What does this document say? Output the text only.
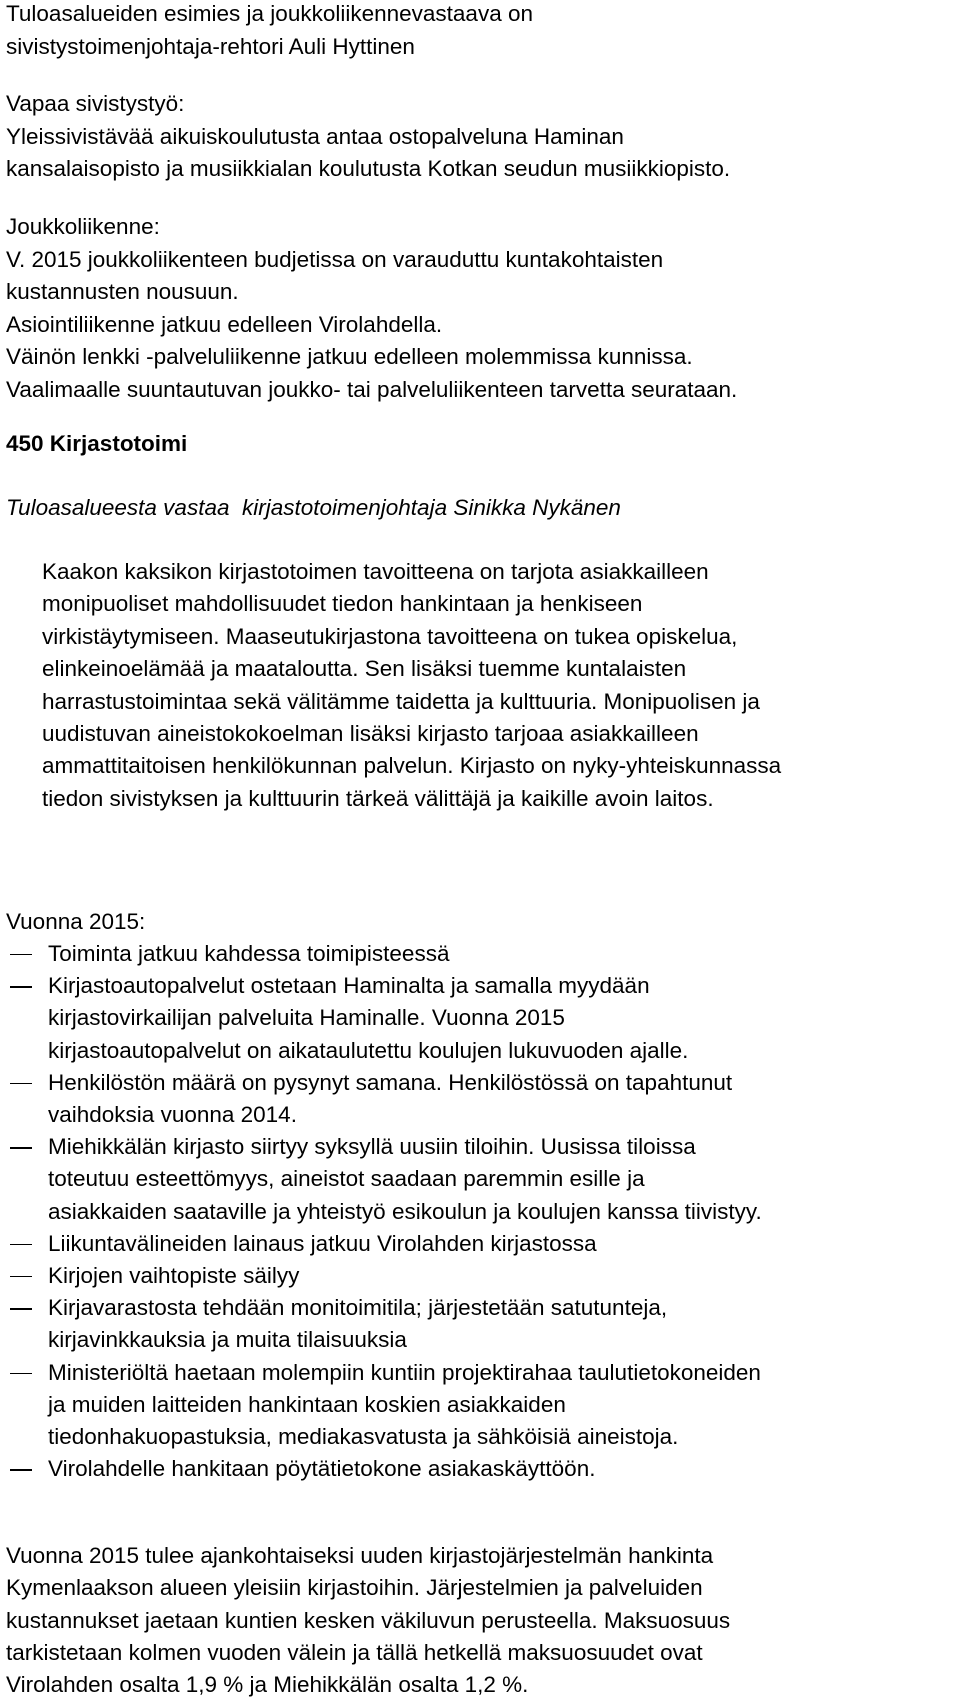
Tuloasalueiden esimies ja joukkoliikennevastaava on
sivistystoimenjohtaja-rehtori Auli Hyttinen

Vapaa sivistystyö:
Yleissivistävää aikuiskoulutusta antaa ostopalveluna Haminan
kansalaisopisto ja musiikkialan koulutusta Kotkan seudun musiikkiopisto.

Joukkoliikenne:
V. 2015 joukkoliikenteen budjetissa on varauduttu kuntakohtaisten
kustannusten nousuun.
Asiointiliikenne jatkuu edelleen Virolahdella.
Väinön lenkki -palveluliikenne jatkuu edelleen molemmissa kunnissa.
Vaalimaalle suuntautuvan joukko- tai palveluliikenteen tarvetta seurataan.

450 Kirjastotoimi

Tuloasalueesta vastaa  kirjastotoimenjohtaja Sinikka Nykänen

Kaakon kaksikon kirjastotoimen tavoitteena on tarjota asiakkailleen
monipuoliset mahdollisuudet tiedon hankintaan ja henkiseen
virkistäytymiseen. Maaseutukirjastona tavoitteena on tukea opiskelua,
elinkeinoelämää ja maataloutta. Sen lisäksi tuemme kuntalaisten
harrastustoimintaa sekä välitämme taidetta ja kulttuuria. Monipuolisen ja
uudistuvan aineistokokoelman lisäksi kirjasto tarjoaa asiakkailleen
ammattitaitoisen henkilökunnan palvelun. Kirjasto on nyky-yhteiskunnassa
tiedon sivistyksen ja kulttuurin tärkeä välittäjä ja kaikille avoin laitos.

Vuonna 2015:

Toiminta jatkuu kahdessa toimipisteessä
Kirjastoautopalvelut ostetaan Haminalta ja samalla myydään
kirjastovirkailijan palveluita Haminalle. Vuonna 2015
kirjastoautopalvelut on aikataulutettu koulujen lukuvuoden ajalle.
Henkilöstön määrä on pysynyt samana. Henkilöstössä on tapahtunut
vaihdoksia vuonna 2014.
Miehikkälän kirjasto siirtyy syksyllä uusiin tiloihin. Uusissa tiloissa
toteutuu esteettömyys, aineistot saadaan paremmin esille ja
asiakkaiden saataville ja yhteistyö esikoulun ja koulujen kanssa tiivistyy.
Liikuntavälineiden lainaus jatkuu Virolahden kirjastossa
Kirjojen vaihtopiste säilyy
Kirjavarastosta tehdään monitoimitila; järjestetään satutunteja,
kirjavinkkauksia ja muita tilaisuuksia
Ministeriöltä haetaan molempiin kuntiin projektirahaa taulutietokoneiden
ja muiden laitteiden hankintaan koskien asiakkaiden
tiedonhakuopastuksia, mediakasvatusta ja sähköisiä aineistoja.
Virolahdelle hankitaan pöytätietokone asiakaskäyttöön.

Vuonna 2015 tulee ajankohtaiseksi uuden kirjastojärjestelmän hankinta
Kymenlaakson alueen yleisiin kirjastoihin. Järjestelmien ja palveluiden
kustannukset jaetaan kuntien kesken väkiluvun perusteella. Maksuosuus
tarkistetaan kolmen vuoden välein ja tällä hetkellä maksuosuudet ovat
Virolahden osalta 1,9 % ja Miehikkälän osalta 1,2 %.
